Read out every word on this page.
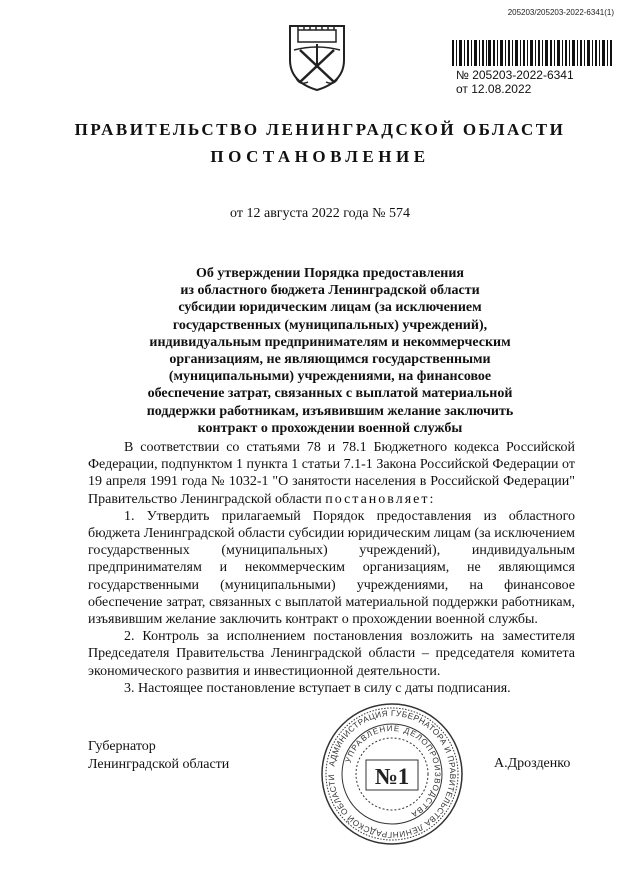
205203/205203-2022-6341(1)
№ 205203-2022-6341
от 12.08.2022
ПРАВИТЕЛЬСТВО ЛЕНИНГРАДСКОЙ ОБЛАСТИ
ПОСТАНОВЛЕНИЕ
от 12 августа 2022 года № 574
Об утверждении Порядка предоставления
из областного бюджета Ленинградской области
субсидии юридическим лицам (за исключением
государственных (муниципальных) учреждений),
индивидуальным предпринимателям и некоммерческим
организациям, не являющимся государственными
(муниципальными) учреждениями, на финансовое
обеспечение затрат, связанных с выплатой материальной
поддержки работникам, изъявившим желание заключить
контракт о прохождении военной службы

В соответствии со статьями 78 и 78.1 Бюджетного кодекса Российской Федерации, подпунктом 1 пункта 1 статьи 7.1-1 Закона Российской Федерации от 19 апреля 1991 года № 1032-1 "О занятости населения в Российской Федерации" Правительство Ленинградской области постановляет:

1. Утвердить прилагаемый Порядок предоставления из областного бюджета Ленинградской области субсидии юридическим лицам (за исключением государственных (муниципальных) учреждений), индивидуальным предпринимателям и некоммерческим организациям, не являющимся государственными (муниципальными) учреждениями, на финансовое обеспечение затрат, связанных с выплатой материальной поддержки работникам, изъявившим желание заключить контракт о прохождении военной службы.

2. Контроль за исполнением постановления возложить на заместителя Председателя Правительства Ленинградской области – председателя комитета экономического развития и инвестиционной деятельности.

3. Настоящее постановление вступает в силу с даты подписания.

Губернатор
Ленинградской области	АДМИНИСТРАЦИЯ ГУБЕРНАТОРА И ПРАВИТЕЛЬСТВА ЛЕНИНГРАДСКОЙ ОБЛАСТИ
УПРАВЛЕНИЕ ДЕЛОПРОИЗВОДСТВА
№1
А.Дрозденко
